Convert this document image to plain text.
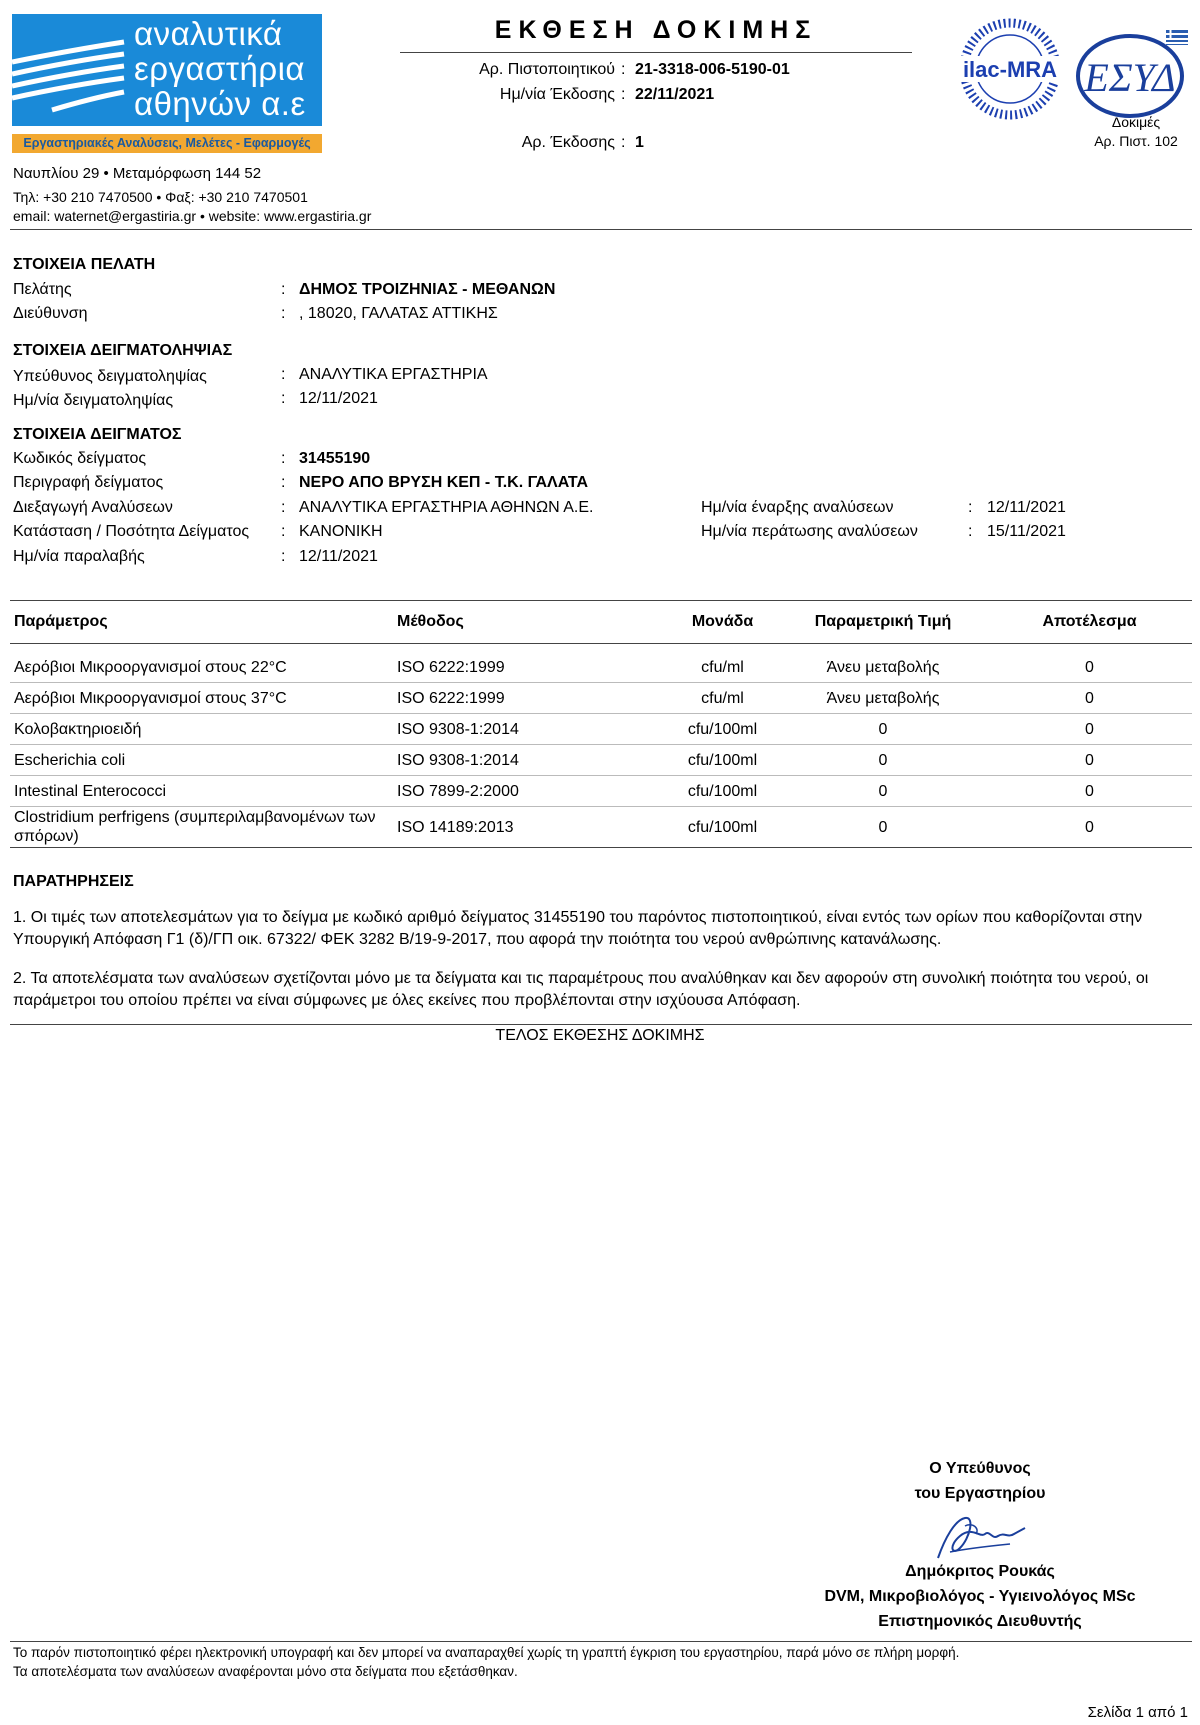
αναλυτικά
εργαστήρια
αθηνών α.ε
Εργαστηριακές Αναλύσεις, Μελέτες - Εφαρμογές
Ναυπλίου 29 • Μεταμόρφωση 144 52
Τηλ: +30 210 7470500 • Φαξ: +30 210 7470501
email: waternet@ergastiria.gr • website: www.ergastiria.gr
ΕΚΘΕΣΗ ΔΟΚΙΜΗΣ
Αρ. Πιστοποιητικού : 21-3318-006-5190-01
Ημ/νία Έκδοσης : 22/11/2021
Αρ. Έκδοσης : 1
ilac-MRA ΕΣΥΔ
Δοκιμές
Αρ. Πιστ. 102
ΣΤΟΙΧΕΙΑ ΠΕΛΑΤΗ
Πελάτης	: ΔΗΜΟΣ ΤΡΟΙΖΗΝΙΑΣ - ΜΕΘΑΝΩΝ
Διεύθυνση	: , 18020, ΓΑΛΑΤΑΣ ΑΤΤΙΚΗΣ
ΣΤΟΙΧΕΙΑ ΔΕΙΓΜΑΤΟΛΗΨΙΑΣ
Υπεύθυνος δειγματοληψίας	: ΑΝΑΛΥΤΙΚΑ ΕΡΓΑΣΤΗΡΙΑ
Ημ/νία δειγματοληψίας	: 12/11/2021
ΣΤΟΙΧΕΙΑ ΔΕΙΓΜΑΤΟΣ
Κωδικός δείγματος	: 31455190
Περιγραφή δείγματος	: ΝΕΡΟ ΑΠΟ ΒΡΥΣΗ ΚΕΠ - Τ.Κ. ΓΑΛΑΤΑ
Διεξαγωγή Αναλύσεων	: ΑΝΑΛΥΤΙΚΑ ΕΡΓΑΣΤΗΡΙΑ ΑΘΗΝΩΝ Α.Ε.	Ημ/νία έναρξης αναλύσεων	: 12/11/2021
Κατάσταση / Ποσότητα Δείγματος : ΚΑΝΟΝΙΚΗ	Ημ/νία περάτωσης αναλύσεων	: 15/11/2021
Ημ/νία παραλαβής	: 12/11/2021
Παράμετρος	Μέθοδος	Μονάδα	Παραμετρική Τιμή	Αποτέλεσμα
Αερόβιοι Μικροοργανισμοί στους 22°C	ISO 6222:1999	cfu/ml	Άνευ μεταβολής	0
Αερόβιοι Μικροοργανισμοί στους 37°C	ISO 6222:1999	cfu/ml	Άνευ μεταβολής	0
Κολοβακτηριοειδή	ISO 9308-1:2014	cfu/100ml	0	0
Escherichia coli	ISO 9308-1:2014	cfu/100ml	0	0
Intestinal Enterococci	ISO 7899-2:2000	cfu/100ml	0	0
Clostridium perfrigens (συμπεριλαμβανομένων των σπόρων)	ISO 14189:2013	cfu/100ml	0	0
ΠΑΡΑΤΗΡΗΣΕΙΣ
1. Οι τιμές των αποτελεσμάτων για το δείγμα με κωδικό αριθμό δείγματος 31455190 του παρόντος πιστοποιητικού, είναι εντός των ορίων που καθορίζονται στην Υπουργική Απόφαση Γ1 (δ)/ΓΠ οικ. 67322/ ΦΕΚ 3282 Β/19-9-2017, που αφορά την ποιότητα του νερού ανθρώπινης κατανάλωσης.
2. Τα αποτελέσματα των αναλύσεων σχετίζονται μόνο με τα δείγματα και τις παραμέτρους που αναλύθηκαν και δεν αφορούν στη συνολική ποιότητα του νερού, οι παράμετροι του οποίου πρέπει να είναι σύμφωνες με όλες εκείνες που προβλέπονται στην ισχύουσα Απόφαση.
ΤΕΛΟΣ ΕΚΘΕΣΗΣ ΔΟΚΙΜΗΣ
Ο Υπεύθυνος
του Εργαστηρίου
Δημόκριτος Ρουκάς
DVM, Μικροβιολόγος - Υγιεινολόγος MSc
Επιστημονικός Διευθυντής
Το παρόν πιστοποιητικό φέρει ηλεκτρονική υπογραφή και δεν μπορεί να αναπαραχθεί χωρίς τη γραπτή έγκριση του εργαστηρίου, παρά μόνο σε πλήρη μορφή.
Τα αποτελέσματα των αναλύσεων αναφέρονται μόνο στα δείγματα που εξετάσθηκαν.
Σελίδα 1 από 1
